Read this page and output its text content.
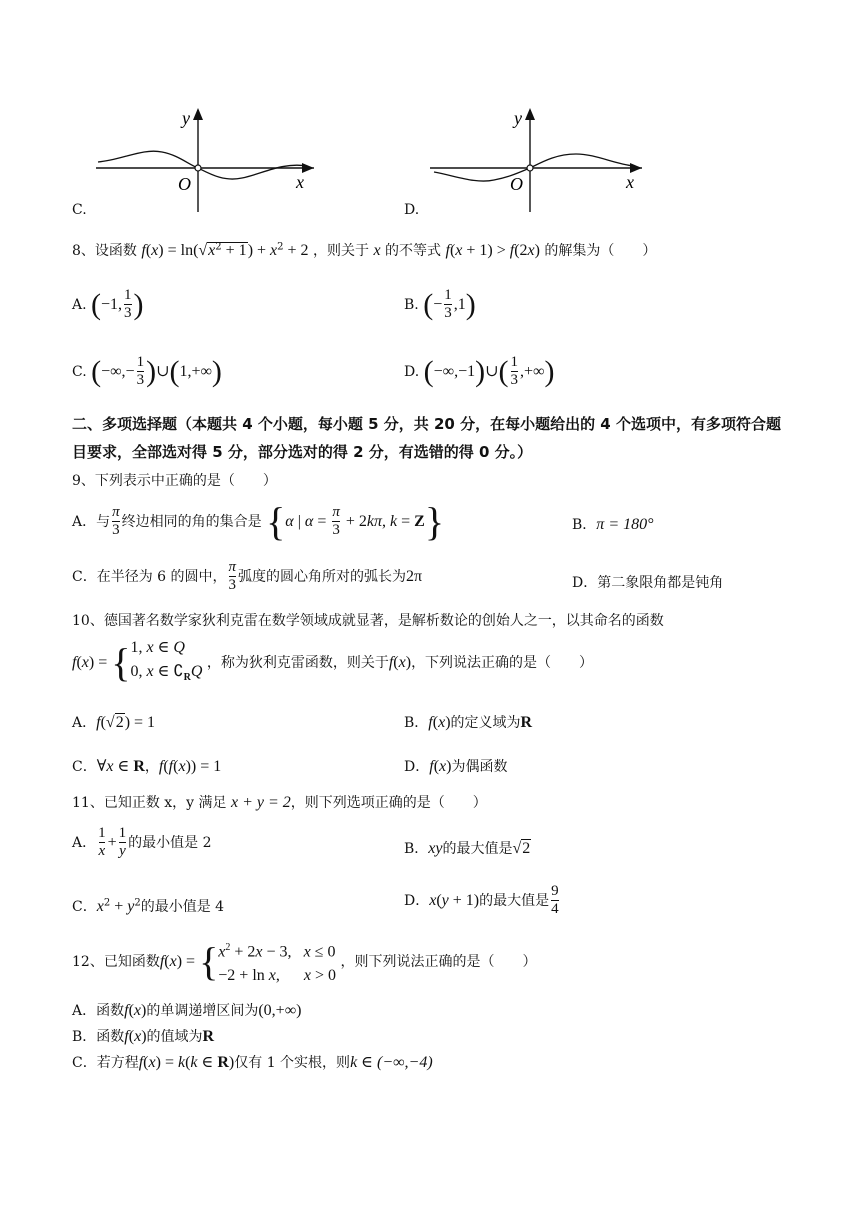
y
x
O
C.
y
x
O
D.
8、设函数 $f(x) = \ln(√x^2 + 1) + x^2 + 2$ ，则关于 x 的不等式 f(x + 1) > f(2x) 的解集为（　　）
A. (−1, $\frac{1}{3}$ )	B. (− $\frac{1}{3} ,1$)
C. (−∞,− $\frac{1}{3}$ )∪(1,+∞)	D. (−∞,−1)∪( $\frac{1}{3}$ ,+∞)
二、多项选择题（本题共 4 个小题，每小题 5 分，共 20 分，在每小题给出的 4 个选项中，有多项符合题目要求，全部选对得 5 分，部分选对的得 2 分，有选错的得 0 分。）
9、下列表示中正确的是（　　）
A．与 $\frac{\pi}{3}$ 终边相同的角的集合是 {α | $\alpha = \frac{\pi}{3} + 2k\pi$, k = Z}	B．π = 180°
C．在半径为 6 的圆中， $\frac{\pi}{3}$ 弧度的圆心角所对的弧长为2π	D．第二象限角都是钝角
10、德国著名数学家狄利克雷在数学领域成就显著，是解析数论的创始人之一，以其命名的函数
f(x) = { 1, x ∈ Q
0, x ∈ $∁_RQ$ ，称为狄利克雷函数，则关于f(x)，下列说法正确的是（　　）
A．f(√2) = 1	B．f(x)的定义域为R
C．∀x ∈ R，f(f(x)) = 1	D．f(x)为偶函数
11、已知正数 x，y 满足 x + y = 2，则下列选项正确的是（　　）
A． $\frac{1}{x} + \frac{1}{y}$ 的最小值是 2	B．xy的最大值是√2
C．$x^2 + y^2$的最小值是 4	D．x(y + 1)的最大值是 $\frac{9}{4}$
12、已知函数f(x) = { $x^2 + 2x - 3$,   x ≤ 0
−2 + ln x,      x > 0
，则下列说法正确的是（　　）
A．函数f(x)的单调递增区间为(0,+∞)
B．函数f(x)的值域为R
C．若方程f(x) = k(k ∈ R)仅有 1 个实根，则k ∈ (−∞,−4)
